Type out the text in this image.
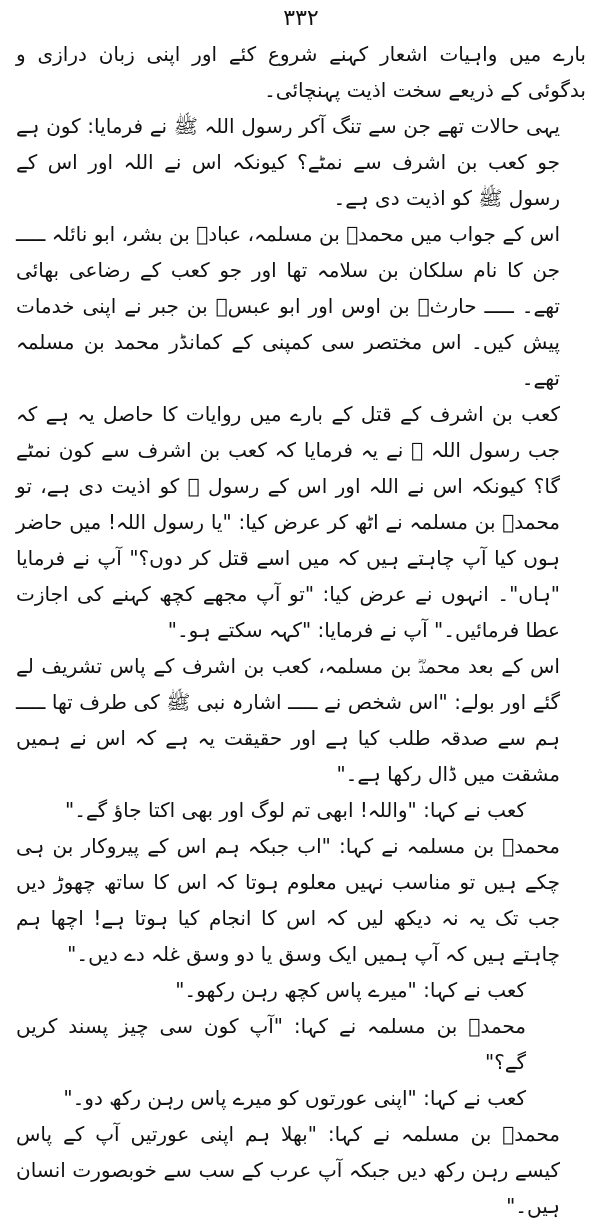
۳۳۲

بارے میں واہیات اشعار کہنے شروع کئے اور اپنی زبان درازی و بدگوئی کے ذریعے سخت اذیت پہنچائی۔

یہی حالات تھے جن سے تنگ آکر رسول اللہ ﷺ نے فرمایا: کون ہے جو کعب بن اشرف سے نمٹے؟ کیونکہ اس نے اللہ اور اس کے رسول ﷺ کو اذیت دی ہے۔

اس کے جواب میں محمدؓ بن مسلمہ، عبادؓ بن بشر، ابو نائلہ ـــــ جن کا نام سلکان بن سلامہ تھا اور جو کعب کے رضاعی بھائی تھے۔ ـــــ حارثؓ بن اوس اور ابو عبسؓ بن جبر نے اپنی خدمات پیش کیں۔ اس مختصر سی کمپنی کے کمانڈر محمد بن مسلمہ تھے۔

کعب بن اشرف کے قتل کے بارے میں روایات کا حاصل یہ ہے کہ جب رسول اللہ ﷺ نے یہ فرمایا کہ کعب بن اشرف سے کون نمٹے گا؟ کیونکہ اس نے اللہ اور اس کے رسول ﷺ کو اذیت دی ہے، تو محمدؓ بن مسلمہ نے اٹھ کر عرض کیا: "یا رسول اللہ! میں حاضر ہوں کیا آپ چاہتے ہیں کہ میں اسے قتل کر دوں؟" آپ نے فرمایا "ہاں"۔ انہوں نے عرض کیا: "تو آپ مجھے کچھ کہنے کی اجازت عطا فرمائیں۔" آپ نے فرمایا: "کہہ سکتے ہو۔"

اس کے بعد محمدؓ بن مسلمہ، کعب بن اشرف کے پاس تشریف لے گئے اور بولے: "اس شخص نے ـــــ اشارہ نبی ﷺ کی طرف تھا ـــــ ہم سے صدقہ طلب کیا ہے اور حقیقت یہ ہے کہ اس نے ہمیں مشقت میں ڈال رکھا ہے۔"

کعب نے کہا: "واللہ! ابھی تم لوگ اور بھی اکتا جاؤ گے۔"

محمدؓ بن مسلمہ نے کہا: "اب جبکہ ہم اس کے پیروکار بن ہی چکے ہیں تو مناسب نہیں معلوم ہوتا کہ اس کا ساتھ چھوڑ دیں جب تک یہ نہ دیکھ لیں کہ اس کا انجام کیا ہوتا ہے! اچھا ہم چاہتے ہیں کہ آپ ہمیں ایک وسق یا دو وسق غلہ دے دیں۔"

کعب نے کہا: "میرے پاس کچھ رہن رکھو۔"

محمدؓ بن مسلمہ نے کہا: "آپ کون سی چیز پسند کریں گے؟"

کعب نے کہا: "اپنی عورتوں کو میرے پاس رہن رکھ دو۔"

محمدؓ بن مسلمہ نے کہا: "بھلا ہم اپنی عورتیں آپ کے پاس کیسے رہن رکھ دیں جبکہ آپ عرب کے سب سے خوبصورت انسان ہیں۔"
